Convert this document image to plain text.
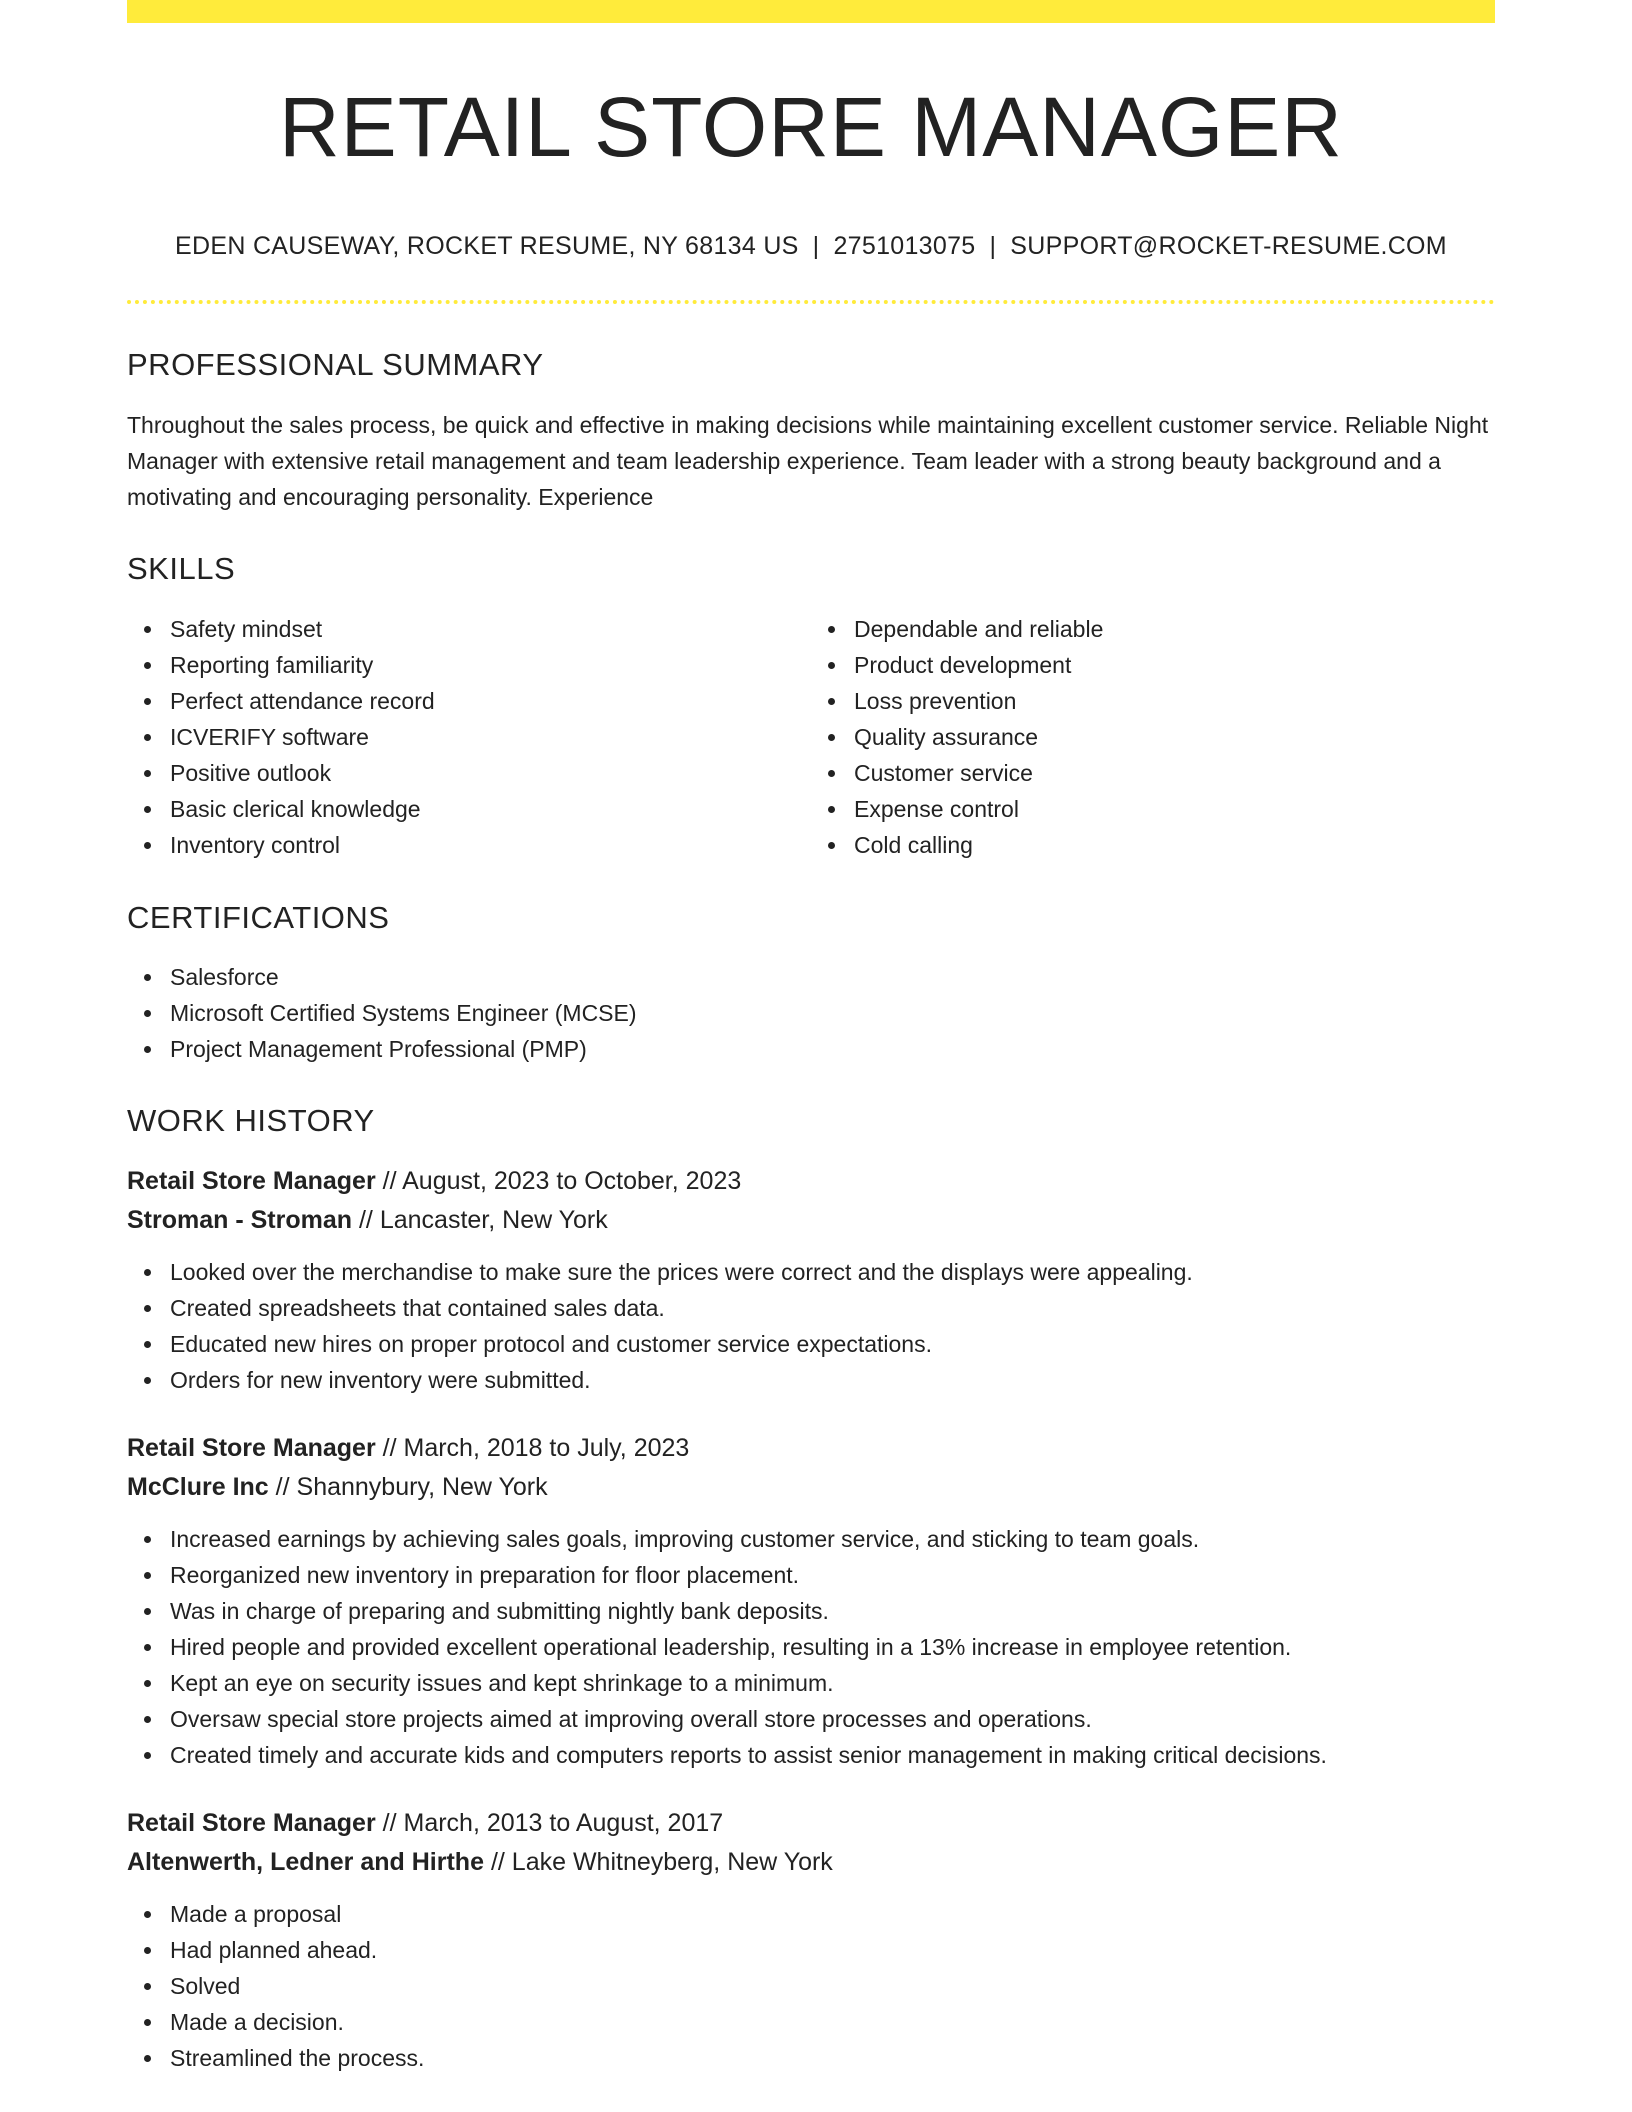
RETAIL STORE MANAGER
EDEN CAUSEWAY, ROCKET RESUME, NY 68134 US | 2751013075 | SUPPORT@ROCKET-RESUME.COM
PROFESSIONAL SUMMARY

Throughout the sales process, be quick and effective in making decisions while maintaining excellent customer service. Reliable Night Manager with extensive retail management and team leadership experience. Team leader with a strong beauty background and a motivating and encouraging personality. Experience

SKILLS
Safety mindset
Reporting familiarity
Perfect attendance record
ICVERIFY software
Positive outlook
Basic clerical knowledge
Inventory control
Dependable and reliable
Product development
Loss prevention
Quality assurance
Customer service
Expense control
Cold calling
CERTIFICATIONS
Salesforce
Microsoft Certified Systems Engineer (MCSE)
Project Management Professional (PMP)
WORK HISTORY
Retail Store Manager // August, 2023 to October, 2023
Stroman - Stroman // Lancaster, New York
Looked over the merchandise to make sure the prices were correct and the displays were appealing.
Created spreadsheets that contained sales data.
Educated new hires on proper protocol and customer service expectations.
Orders for new inventory were submitted.
Retail Store Manager // March, 2018 to July, 2023
McClure Inc // Shannybury, New York
Increased earnings by achieving sales goals, improving customer service, and sticking to team goals.
Reorganized new inventory in preparation for floor placement.
Was in charge of preparing and submitting nightly bank deposits.
Hired people and provided excellent operational leadership, resulting in a 13% increase in employee retention.
Kept an eye on security issues and kept shrinkage to a minimum.
Oversaw special store projects aimed at improving overall store processes and operations.
Created timely and accurate kids and computers reports to assist senior management in making critical decisions.
Retail Store Manager // March, 2013 to August, 2017
Altenwerth, Ledner and Hirthe // Lake Whitneyberg, New York
Made a proposal
Had planned ahead.
Solved
Made a decision.
Streamlined the process.
